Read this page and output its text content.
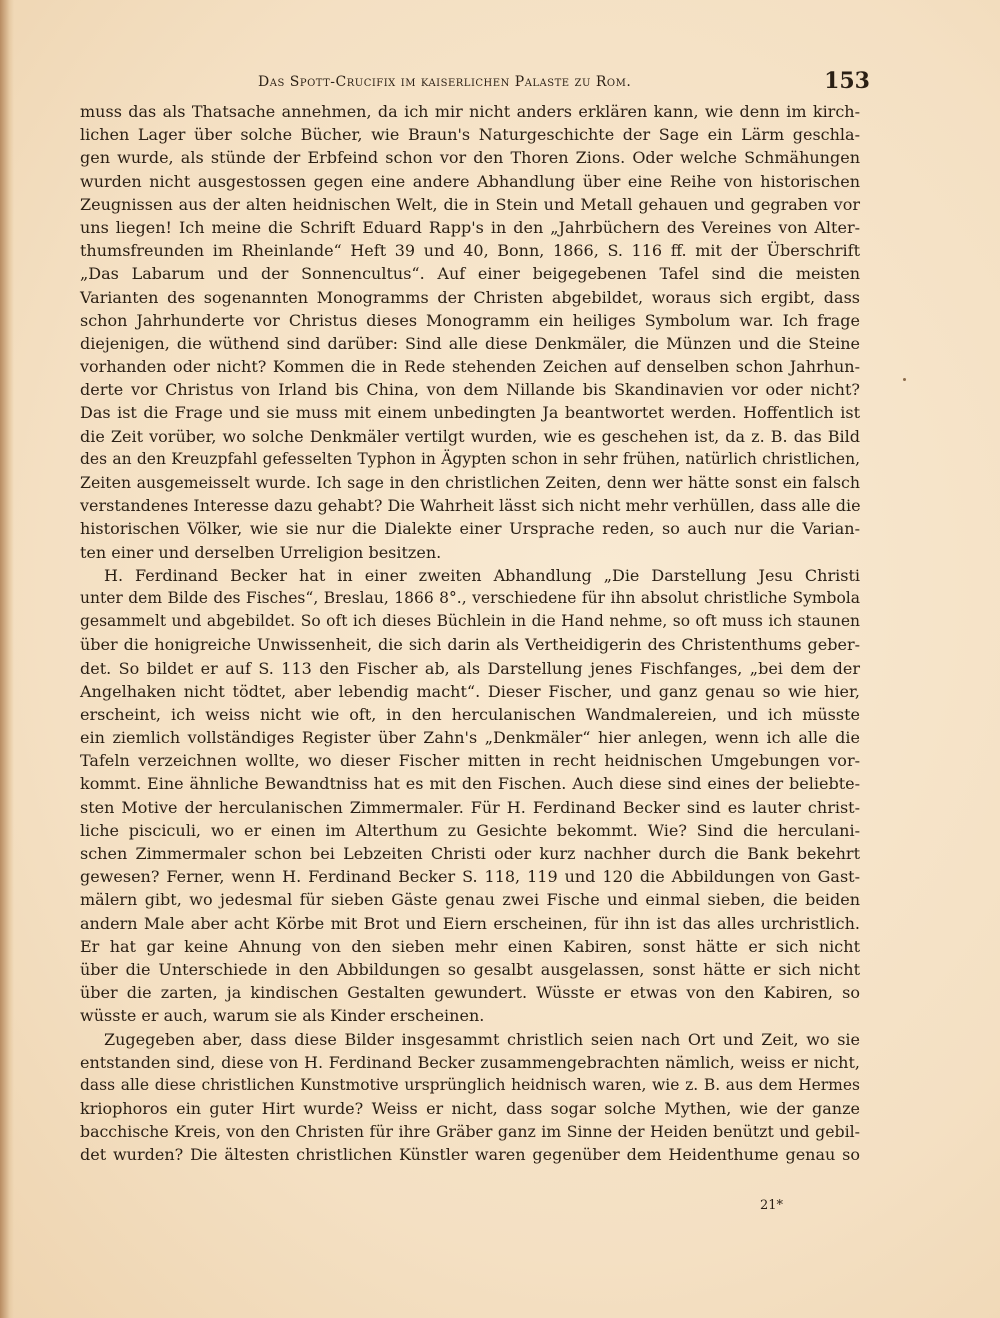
Das Spott-Crucifix im kaiserlichen Palaste zu Rom.	153
muss das als Thatsache annehmen, da ich mir nicht anders erklären kann, wie denn im kirch-
lichen Lager über solche Bücher, wie Braun's Naturgeschichte der Sage ein Lärm geschla-
gen wurde, als stünde der Erbfeind schon vor den Thoren Zions. Oder welche Schmähungen
wurden nicht ausgestossen gegen eine andere Abhandlung über eine Reihe von historischen
Zeugnissen aus der alten heidnischen Welt, die in Stein und Metall gehauen und gegraben vor
uns liegen! Ich meine die Schrift Eduard Rapp's in den „Jahrbüchern des Vereines von Alter-
thumsfreunden im Rheinlande“ Heft 39 und 40, Bonn, 1866, S. 116 ff. mit der Überschrift
„Das Labarum und der Sonnencultus“. Auf einer beigegebenen Tafel sind die meisten
Varianten des sogenannten Monogramms der Christen abgebildet, woraus sich ergibt, dass
schon Jahrhunderte vor Christus dieses Monogramm ein heiliges Symbolum war. Ich frage
diejenigen, die wüthend sind darüber: Sind alle diese Denkmäler, die Münzen und die Steine
vorhanden oder nicht? Kommen die in Rede stehenden Zeichen auf denselben schon Jahrhun-
derte vor Christus von Irland bis China, von dem Nillande bis Skandinavien vor oder nicht?
Das ist die Frage und sie muss mit einem unbedingten Ja beantwortet werden. Hoffentlich ist
die Zeit vorüber, wo solche Denkmäler vertilgt wurden, wie es geschehen ist, da z. B. das Bild
des an den Kreuzpfahl gefesselten Typhon in Ägypten schon in sehr frühen, natürlich christlichen,
Zeiten ausgemeisselt wurde. Ich sage in den christlichen Zeiten, denn wer hätte sonst ein falsch
verstandenes Interesse dazu gehabt? Die Wahrheit lässt sich nicht mehr verhüllen, dass alle die
historischen Völker, wie sie nur die Dialekte einer Ursprache reden, so auch nur die Varian-
ten einer und derselben Urreligion besitzen.
H. Ferdinand Becker hat in einer zweiten Abhandlung „Die Darstellung Jesu Christi
unter dem Bilde des Fisches“, Breslau, 1866 8°., verschiedene für ihn absolut christliche Symbola
gesammelt und abgebildet. So oft ich dieses Büchlein in die Hand nehme, so oft muss ich staunen
über die honigreiche Unwissenheit, die sich darin als Vertheidigerin des Christenthums geber-
det. So bildet er auf S. 113 den Fischer ab, als Darstellung jenes Fischfanges, „bei dem der
Angelhaken nicht tödtet, aber lebendig macht“. Dieser Fischer, und ganz genau so wie hier,
erscheint, ich weiss nicht wie oft, in den herculanischen Wandmalereien, und ich müsste
ein ziemlich vollständiges Register über Zahn's „Denkmäler“ hier anlegen, wenn ich alle die
Tafeln verzeichnen wollte, wo dieser Fischer mitten in recht heidnischen Umgebungen vor-
kommt. Eine ähnliche Bewandtniss hat es mit den Fischen. Auch diese sind eines der beliebte-
sten Motive der herculanischen Zimmermaler. Für H. Ferdinand Becker sind es lauter christ-
liche pisciculi, wo er einen im Alterthum zu Gesichte bekommt. Wie? Sind die herculani-
schen Zimmermaler schon bei Lebzeiten Christi oder kurz nachher durch die Bank bekehrt
gewesen? Ferner, wenn H. Ferdinand Becker S. 118, 119 und 120 die Abbildungen von Gast-
mälern gibt, wo jedesmal für sieben Gäste genau zwei Fische und einmal sieben, die beiden
andern Male aber acht Körbe mit Brot und Eiern erscheinen, für ihn ist das alles urchristlich.
Er hat gar keine Ahnung von den sieben mehr einen Kabiren, sonst hätte er sich nicht
über die Unterschiede in den Abbildungen so gesalbt ausgelassen, sonst hätte er sich nicht
über die zarten, ja kindischen Gestalten gewundert. Wüsste er etwas von den Kabiren, so
wüsste er auch, warum sie als Kinder erscheinen.
Zugegeben aber, dass diese Bilder insgesammt christlich seien nach Ort und Zeit, wo sie
entstanden sind, diese von H. Ferdinand Becker zusammengebrachten nämlich, weiss er nicht,
dass alle diese christlichen Kunstmotive ursprünglich heidnisch waren, wie z. B. aus dem Hermes
kriophoros ein guter Hirt wurde? Weiss er nicht, dass sogar solche Mythen, wie der ganze
bacchische Kreis, von den Christen für ihre Gräber ganz im Sinne der Heiden benützt und gebil-
det wurden? Die ältesten christlichen Künstler waren gegenüber dem Heidenthume genau so
21*
